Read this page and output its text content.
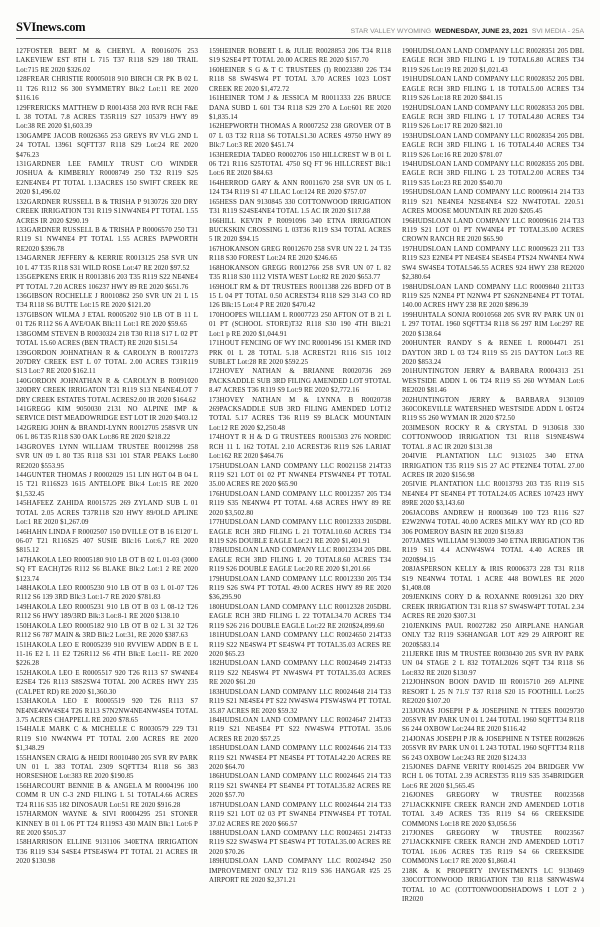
SVInews.com	STAR VALLEY WYOMING WEDNESDAY, JUNE 23, 2021 SVI MEDIA - 25A

127FOSTER BERT M & CHERYL A R0016076 253 LAKEVIEW EST 8TH L 715 T37 R118 S29 180 TRAIL Lot:715 RE 2020 $326.02

128FREAR CHRISTIE R0005018 910 BIRCH CR PK B 02 L 11 T26 R112 S6 300 SYMMETRY Blk:2 Lot:11 RE 2020 $116.16

129FRERICKS MATTHEW D R0014358 203 RVR RCH F&E L 38 TOTAL 7.8 ACRES T35R119 S27 105379 HWY 89 Lot:38 RE 2020 $1,603.39

130GAMPE JACOB R0026365 253 GREYS RV VLG 2ND L 24 TOTAL 13961 SQFTT37 R118 S29 Lot:24 RE 2020 $476.23

131GARDNER LEE FAMILY TRUST C/O WINDER JOSHUA & KIMBERLY R0008749 250 T32 R119 S25 E2NE4NE4 PT TOTAL 1.13ACRES 150 SWIFT CREEK RE 2020 $1,496.02

132GARDNER RUSSELL B & TRISHA P 9130726 320 DRY CREEK IRRIGATION T31 R119 S1NW4NE4 PT TOTAL 1.55 ACRES IR 2020 $290.19

133GARDNER RUSSELL B & TRISHA P R0006570 250 T31 R119 S1 NW4NE4 PT TOTAL 1.55 ACRES PAPWORTH RE2020 $396.78

134GARNER JEFFERY & KERRIE R0013125 258 SVR UN 10 L 47 T35 R118 S31 WILD ROSE Lot:47 RE 2020 $97.52

135GEPKENS ERIK H R0013816 203 T35 R119 S22 NE4NE4 PT TOTAL 7.20 ACRES 106237 HWY 89 RE 2020 $651.76

136GIBSON ROCHELLE J R0010862 250 SVR UN 21 L 15 T34 R118 S6 BUTTE Lot:15 RE 2020 $121.20

137GIBSON WILMA J ETAL R0005202 910 LB OT B 11 L 01 T26 R112 S6 A AVE/OAK Blk:11 Lot:1 RE 2020 $59.65

138GOMM STEVEN B R0030324 218 T30 R118 S17 L 02 PT TOTAL 15.60 ACRES (BEN TRACT) RE 2020 $151.54

139GORDON JOHNATHAN R & CAROLYN B R0017273 207DRY CREEK EST L 07 TOTAL 2.00 ACRES T31R119 S13 Lot:7 RE 2020 $162.11

140GORDON JOHNATHAN R & CAROLYN B R0091020 320DRY CREEK IRRIGATON T31 R119 S13 NE4NE4LOT 7 DRY CREEK ESTATES TOTAL ACRES2.00 IR 2020 $164.62

141GREGG KIM 9050030 2131 NO ALPINE IMP & SERVICE DIST MEADOWRIDGE EST LOT IR 2020 $403.12

142GREIG JOHN & BRANDI-LYNN R0012705 258SVR UN 06 L 86 T35 R118 S30 OAK Lot:86 RE 2020 $218.22

143GROVES LYNN WILLIAM TRUSTEE R0012998 258 SVR UN 09 L 80 T35 R118 S31 101 STAR PEAKS Lot:80 RE2020 $553.95

144GUNTER THOMAS J R0002029 151 LIN HGT 04 B 04 L 15 T21 R116S23 1615 ANTELOPE Blk:4 Lot:15 RE 2020 $1,532.45

145HAFEEZ ZAHIDA R0015725 269 ZYLAND SUB L 01 TOTAL 2.05 ACRES T37R118 S20 HWY 89/OLD APLINE Lot:1 RE 2020 $1,267.09

146HAHN LINDA F R0002507 150 DVILLE OT B 16 E120' L 06-07 T21 R116S25 407 SUSIE Blk:16 Lot:6,7 RE 2020 $815.12

147HAKOLA LEO R0005180 910 LB OT B 02 L 01-03 (3000 SQ FT EACH)T26 R112 S6 BLAKE Blk:2 Lot:1 2 RE 2020 $123.74

148HAKOLA LEO R0005230 910 LB OT B 03 L 01-07 T26 R112 S6 139 3RD Blk:3 Lot:1-7 RE 2020 $781.83

149HAKOLA LEO R0005231 910 LB OT B 03 L 08-12 T26 R112 S6 HWY 189/3RD Blk:3 Lot:8-1 RE 2020 $138.10

150HAKOLA LEO R0005182 910 LB OT B 02 L 31 32 T26 R112 S6 787 MAIN & 3RD Blk:2 Lot:31, RE 2020 $387.63

151HAKOLA LEO E R0005239 910 RVVIEW ADDN B E L 11-16 E2 L 11 E2 T26R112 S6 4TH Blk:E Lot:11- RE 2020 $226.28

152HAKOLA LEO E R0005517 920 T26 R113 S7 SW4NE4 E2SE4 T26 R113 S8S2SW4 TOTAL 200 ACRES HWY 235 (CALPET RD) RE 2020 $1,360.30

153HAKOLA LEO E R0005519 920 T26 R113 S7 NE4NE4NW4SE4 T26 R113 S7N2NW4NE4NW4SE4 TOTAL 3.75 ACRES CHAPPELL RE 2020 $78.65

154HALE MARK C & MICHELLE C R0030579 229 T31 R119 S10 NW4NW4 PT TOTAL 2.00 ACRES RE 2020 $1,348.29

155HANSEN CRAIG & HEIDI R0010480 205 SVR RV PARK UN 01 L 383 TOTAL 2309 SQFTT34 R118 S6 383 HORSESHOE Lot:383 RE 2020 $190.85

156HARCOURT BENNIE B & ANGELA M R0004196 100 COMM R UN C-3 2ND FILING L 51 TOTAL4.66 ACRES T24 R116 S35 182 DINOSAUR Lot:51 RE 2020 $916.28

157HARMON WAYNE & SIVI R0004295 251 STONER KINNEY B 01 L 06 PT T24 R119S3 430 MAIN Blk:1 Lot:6 P RE 2020 $505.37

158HARRISON ELLINE 9131106 340ETNA IRRIGATION T36 R119 S34 S4SE4 PTSE4SW4 PT TOTAL 21 ACRES IR 2020 $130.98

159HEINER ROBERT L & JULIE R0028853 206 T34 R118 S19 S2SE4 PT TOTAL 20.00 ACRES RE 2020 $157.70

160HEINER S G & T C TRUSTEES (I) R0023380 226 T34 R118 S8 SW4SW4 PT TOTAL 3.70 ACRES 1023 LOST CREEK RE 2020 $1,472.72

161HEINER TOM J & JESSICA M R0011333 226 BRUCE DANA SUBD L 601 T34 R118 S29 270 A Lot:601 RE 2020 $1,835.14

162HEPWORTH THOMAS A R0007252 238 GROVER OT B 07 L 03 T32 R118 S6 TOTALS1.30 ACRES 49750 HWY 89 Blk:7 Lot:3 RE 2020 $451.74

163HEREDIA TADEO R0002706 150 HILLCREST W B 01 L 06 T21 R116 S25TOTAL 4750 SQ FT 96 HILLCREST Blk:1 Lot:6 RE 2020 $84.63

164HERROD GARY & ANN R0011670 258 SVR UN 05 L 124 T34 R119 S1 47 LILAC Lot:124 RE 2020 $757.07

165HESS DAN 9130845 330 COTTONWOOD IRRIGATION T31 R119 S24SE4NE4 TOTAL 1.5 AC IR 2020 $117.88

166HILL KEVIN P R0091096 340 ETNA IRRIGATION BUCKSKIN CROSSING L 03T36 R119 S34 TOTAL ACRES 5 IR 2020 $94.15

167HOKANSON GREG R0012670 258 SVR UN 22 L 24 T35 R118 S30 FOREST Lot:24 RE 2020 $246.65

168HOKANSON GREGG R0012766 258 SVR UN 07 L 82 T35 R118 S30 1112 VISTA WEST Lot:82 RE 2020 $653.77

169HOLT RM & DT TRUSTEES R0011388 226 BDFD OT B 15 L 04 PT TOTAL 0.50 ACREST34 R118 S29 3143 CO RD 126 Blk:15 Lot:4 P RE 2020 $470.42

170HOOPES WILLIAM L R0007723 250 AFTON OT B 21 L 01 PT (SCHOOL STORE)T32 R118 S30 190 4TH Blk:21 Lot:1 p RE 2020 $1,044.91

171HOUT FENCING OF WY INC R0001496 151 KMER IND PRK 01 L 28 TOTAL 5.18 ACREST21 R116 S15 1012 SUBLET Lot:28 RE 2020 $592.25

172HOVEY NATHAN & BRIANNE R0020736 269 PACKSADDLE SUB 3RD FILING AMENDED LOT 9TOTAL 8.47 ACRES T36 R119 S9 Lot:9 RE 2020 $2,772.16

173HOVEY NATHAN M & LYNNA B R0020738 269PACKSADDLE SUB 3RD FILING AMENDED LOT12 TOTAL 5.17 ACRES T36 R119 S9 BLACK MOUNTAIN Lot:12 RE 2020 $2,250.48

174HOYT R H & D G TRUSTEES R0015303 276 NORDIC RCH 11 L 162 TOTAL 2.10 ACREST36 R119 S26 LARIAT Lot:162 RE 2020 $464.76

175HUDSLOAN LAND COMPANY LLC R0021158 214T33 R119 S21 LOT 01 02 PT NW4NE4 PTSW4NE4 PT TOTAL 35.00 ACRES RE 2020 $65.90

176HUDSLOAN LAND COMPANY LLC R0012357 205 T34 R119 S35 NE4NW4 PT TOTAL 4.68 ACRES HWY 89 RE 2020 $3,502.80

177HUDSLOAN LAND COMPANY LLC R0012333 205DBL EAGLE RCH 3RD FILING L 21 TOTAL10.60 ACRES T34 R119 S26 DOUBLE EAGLE Lot:21 RE 2020 $1,401.91

178HUDSLOAN LAND COMPANY LLC R0012334 205 DBL EAGLE RCH 3RD FILING L 20 TOTAL8.60 ACRES T34 R119 S26 DOUBLE EAGLE Lot:20 RE 2020 $1,201.66

179HUDSLOAN LAND COMPANY LLC R0012330 205 T34 R119 S26 SW4 PT TOTAL 49.00 ACRES HWY 89 RE 2020 $36,295.90

180HUDSLOAN LAND COMPANY LLC R0012328 205DBL EAGLE RCH 3RD FILING L 22 TOTAL34.70 ACRES T34 R119 S26 216 DOUBLE EAGLE Lot:22 RE 2020$24,899.60

181HUDSLOAN LAND COMPANY LLC R0024650 214T33 R119 S22 NE4SW4 PT SE4SW4 PT TOTAL35.03 ACRES RE 2020 $65.23

182HUDSLOAN LAND COMPANY LLC R0024649 214T33 R119 S22 NE4SW4 PT NW4SW4 PT TOTAL35.03 ACRES RE 2020 $61.20

183HUDSLOAN LAND COMPANY LLC R0024648 214 T33 R119 S21 NE4SE4 PT S22 NW4SW4 PTSW4SW4 PT TOTAL 35.87 ACRES RE 2020 $59.32

184HUDSLOAN LAND COMPANY LLC R0024647 214T33 R119 S21 NE4SE4 PT S22 NW4SW4 PTTOTAL 35.06 ACRES RE 2020 $57.25

185HUDSLOAN LAND COMPANY LLC R0024646 214 T33 R119 S21 NW4SE4 PT NE4SE4 PT TOTAL42.20 ACRES RE 2020 $64.70

186HUDSLOAN LAND COMPANY LLC R0024645 214 T33 R119 S21 SW4NE4 PT SE4NE4 PT TOTAL35.82 ACRES RE 2020 $57.70

187HUDSLOAN LAND COMPANY LLC R0024644 214 T33 R119 S21 LOT 02 03 PT SW4NE4 PTNW4SE4 PT TOTAL 37.02 ACRES RE 2020 $66.57

188HUDSLOAN LAND COMPANY LLC R0024651 214T33 R119 S22 SW4SW4 PT SE4SW4 PT TOTAL35.00 ACRES RE 2020 $70.26

189HUDSLOAN LAND COMPANY LLC R0024942 250 IMPROVEMENT ONLY T32 R119 S36 HANGAR #25 25 AIRPORT RE 2020 $2,371.21

190HUDSLOAN LAND COMPANY LLC R0028351 205 DBL EAGLE RCH 3RD FILING L 19 TOTAL6.80 ACRES T34 R119 S26 Lot:19 RE 2020 $1,021.43

191HUDSLOAN LAND COMPANY LLC R0028352 205 DBL EAGLE RCH 3RD FILING L 18 TOTAL5.00 ACRES T34 R119 S26 Lot:18 RE 2020 $841.15

192HUDSLOAN LAND COMPANY LLC R0028353 205 DBL EAGLE RCH 3RD FILING L 17 TOTAL4.80 ACRES T34 R119 S26 Lot:17 RE 2020 $821.10

193HUDSLOAN LAND COMPANY LLC R0028354 205 DBL EAGLE RCH 3RD FILING L 16 TOTAL4.40 ACRES T34 R119 S26 Lot:16 RE 2020 $781.07

194HUDSLOAN LAND COMPANY LLC R0028355 205 DBL EAGLE RCH 3RD FILING L 23 TOTAL2.00 ACRES T34 R119 S35 Lot:23 RE 2020 $540.70

195HUDSLOAN LAND COMPANY LLC R0009614 214 T33 R119 S21 NE4NE4 N2SE4NE4 S22 NW4TOTAL 220.51 ACRES MOOSE MOUNTAIN RE 2020 $205.45

196HUDSLOAN LAND COMPANY LLC R0009616 214 T33 R119 S21 LOT 01 PT NW4NE4 PT TOTAL35.00 ACRES CROWN RANCH RE 2020 $65.90

197HUDSLOAN LAND COMPANY LLC R0009623 211 T33 R119 S23 E2NE4 PT NE4SE4 SE4SE4 PTS24 NW4NE4 NW4 SW4 SW4SE4 TOTAL546.55 ACRES 924 HWY 238 RE2020 $2,380.64

198HUDSLOAN LAND COMPANY LLC R0009840 211T33 R119 S25 N2NE4 PT N2NW4 PT S26N2NE4NE4 PT TOTAL 140.00 ACRES HWY 238 RE 2020 $896.39

199HUHTALA SONJA R0010568 205 SVR RV PARK UN 01 L 297 TOTAL 1960 SQFTT34 R118 S6 297 RIM Lot:297 RE 2020 $138.64

200HUNTER RANDY S & RENEE L R0004471 251 DAYTON 3RD L 03 T24 R119 S5 215 DAYTON Lot:3 RE 2020 $853.24

201HUNTINGTON JERRY & BARBARA R0004313 251 WESTSIDE ADDN L 06 T24 R119 S5 260 WYMAN Lot:6 RE2020 $81.46

202HUNTINGTON JERRY & BARBARA 9130109 360COKEVILLE WATERSHED WESTSIDE ADDN L 06T24 R119 S5 260 WYMAN IR 2020 $72.50

203IMESON ROCKY R & CRYSTAL D 9130618 330 COTTONWOOD IRRIGATION T31 R118 S19NE4SW4 TOTAL .8 AC IR 2020 $131.38

204IVIE PLANTATION LLC 9131025 340 ETNA IRRIGATION T35 R119 S15 27 AC PTE2NE4 TOTAL 27.00 ACRES IR 2020 $156.98

205IVIE PLANTATION LLC R0013793 203 T35 R119 S15 NE4NE4 PT SE4NE4 PT TOTAL24.05 ACRES 107423 HWY 89RE 2020 $3,143.60

206JACOBS ANDREW H R0003649 100 T23 R116 S27 E2W2NW4 TOTAL 40.00 ACRES MILKY WAY RD (CO RD 306 POMEROY BASIN RE 2020 $159.83

207JAMES WILLIAM 9130039 340 ETNA IRRIGATION T36 R119 S11 4.4 ACNW4SW4 TOTAL 4.40 ACRES IR 2020$94.15

208JASPERSON KELLY & IRIS R0006373 228 T31 R118 S19 NE4NW4 TOTAL 1 ACRE 448 BOWLES RE 2020 $1,408.08

209JENKINS CORY D & ROXANNE R0091261 320 DRY CREEK IRRIGATION T31 R118 S7 SW4SW4PT TOTAL 2.34 ACRES RE 2020 $307.31

210JENKINS PAUL R0027282 250 AIRPLANE HANGAR ONLY T32 R119 S36HANGAR LOT #29 29 AIRPORT RE 2020$583.14

211JERKE IRIS M TRUSTEE R0030430 205 SVR RV PARK UN 04 STAGE 2 L 832 TOTAL2026 SQFT T34 R118 S6 Lot:832 RE 2020 $130.97

212JOHNSON BOON DAVID III R0015710 269 ALPINE RESORT L 25 N 71.5' T37 R118 S20 15 FOOTHILL Lot:25 RE2020 $107.20

213JONAS JOSEPH P & JOSEPHINE N TTEES R0029730 205SVR RV PARK UN 01 L 244 TOTAL 1960 SQFTT34 R118 S6 244 OXBOW Lot:244 RE 2020 $116.42

214JONAS JOSEPH P JR & JOSEPHINE N TSTEE R0028626 205SVR RV PARK UN 01 L 243 TOTAL 1960 SQFTT34 R118 S6 243 OXBOW Lot:243 RE 2020 $124.33

215JONES DAFNE VERITY R0014525 204 BRIDGER VW RCH L 06 TOTAL 2.39 ACREST35 R119 S35 354BRIDGER Lot:6 RE 2020 $1,565.45

216JONES GREGORY W TRUSTEE R0023568 271JACKKNIFE CREEK RANCH 2ND AMENDED LOT18 TOTAL 3.49 ACRES T35 R119 S4 66 CREEKSIDE COMMONS Lot:18 RE 2020 $3,056.56

217JONES GREGORY W TRUSTEE R0023567 271JACKKNIFE CREEK RANCH 2ND AMENDED LOT17 TOTAL 16.06 ACRES T35 R119 S4 66 CREEKSIDE COMMONS Lot:17 RE 2020 $1,860.41

218K & K PROPERTY INVESTMENTS LC 9130469 330COTTONWOOD IRRIGATION T30 R118 S8NW4SW4 TOTAL 10 AC (COTTONWOODSHADOWS I LOT 2 ) IR2020
